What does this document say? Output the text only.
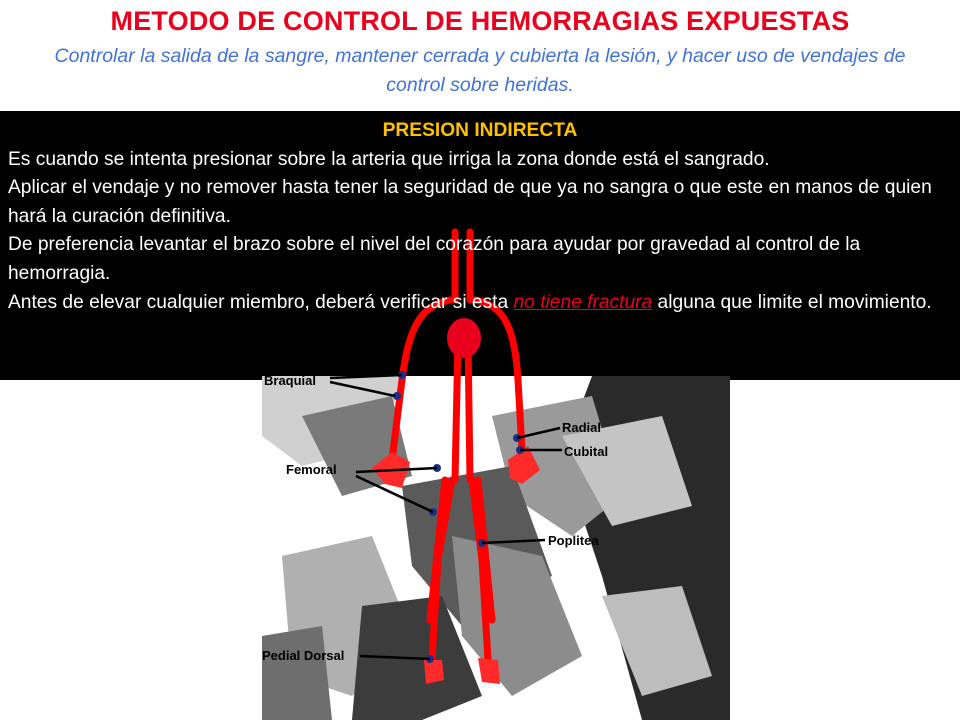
METODO DE CONTROL DE HEMORRAGIAS EXPUESTAS
Controlar la salida de la sangre, mantener cerrada y cubierta la lesión, y hacer uso de vendajes de control sobre heridas.
Braquial
Radial
Cubital
Femoral
Poplitea
Pedial Dorsal
PRESION INDIRECTA
Es cuando se intenta presionar sobre la arteria que irriga la zona donde está el sangrado.
Aplicar el vendaje y no remover hasta tener la seguridad de que ya no sangra o que este en manos de quien hará la curación definitiva.
De preferencia levantar el brazo sobre el nivel del corazón para ayudar por gravedad al control de la hemorragia.
Antes de elevar cualquier miembro, deberá verificar si esta no tiene fractura alguna que limite el movimiento.
